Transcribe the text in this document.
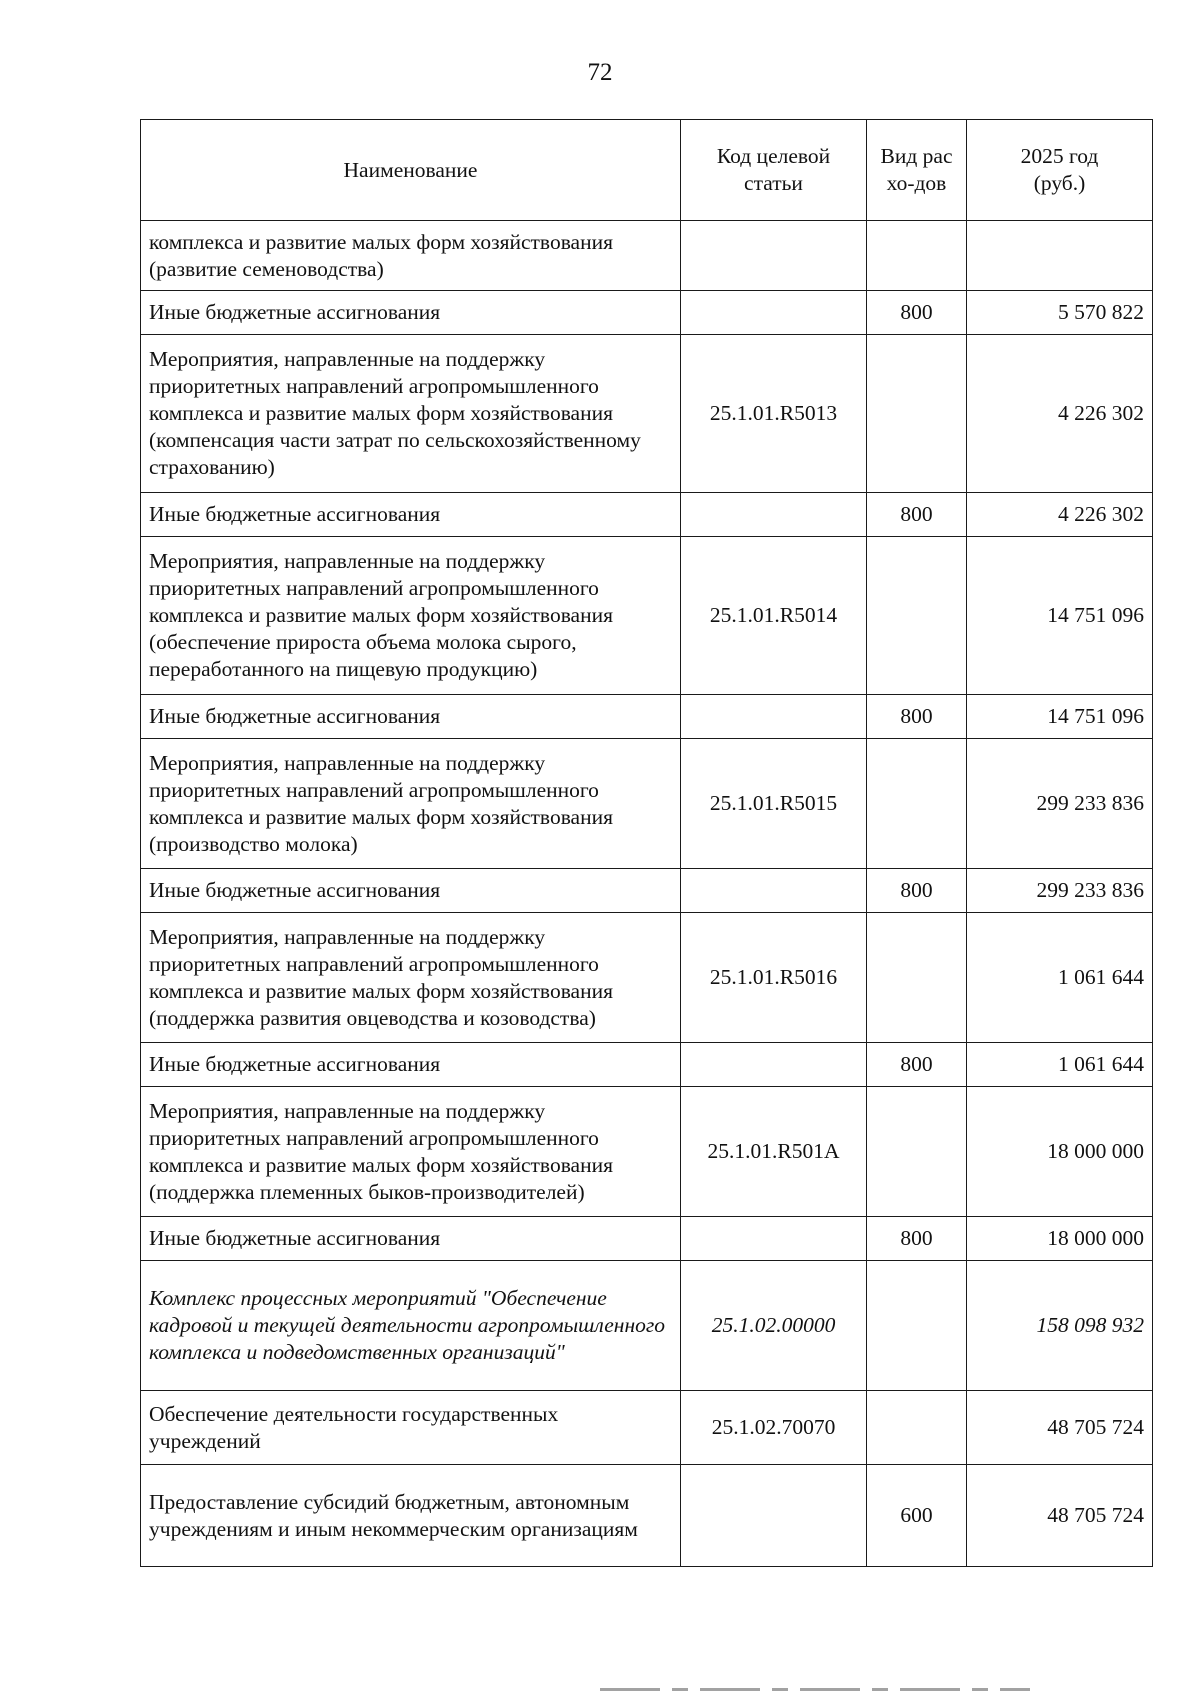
72
Наименование	Код целевой статьи	Вид расхо-дов	2025 год (руб.)
комплекса и развитие малых форм хозяйствования (развитие семеноводства)			
Иные бюджетные ассигнования		800	5 570 822
Мероприятия, направленные на поддержку приоритетных направлений агропромышленного комплекса и развитие малых форм хозяйствования (компенсация части затрат по сельскохозяйственному страхованию)	25.1.01.R5013		4 226 302
Иные бюджетные ассигнования		800	4 226 302
Мероприятия, направленные на поддержку приоритетных направлений агропромышленного комплекса и развитие малых форм хозяйствования (обеспечение прироста объема молока сырого, переработанного на пищевую продукцию)	25.1.01.R5014		14 751 096
Иные бюджетные ассигнования		800	14 751 096
Мероприятия, направленные на поддержку приоритетных направлений агропромышленного комплекса и развитие малых форм хозяйствования (производство молока)	25.1.01.R5015		299 233 836
Иные бюджетные ассигнования		800	299 233 836
Мероприятия, направленные на поддержку приоритетных направлений агропромышленного комплекса и развитие малых форм хозяйствования (поддержка развития овцеводства и козоводства)	25.1.01.R5016		1 061 644
Иные бюджетные ассигнования		800	1 061 644
Мероприятия, направленные на поддержку приоритетных направлений агропромышленного комплекса и развитие малых форм хозяйствования (поддержка племенных быков-производителей)	25.1.01.R501A		18 000 000
Иные бюджетные ассигнования		800	18 000 000
Комплекс процессных мероприятий "Обеспечение кадровой и текущей деятельности агропромышленного комплекса и подведомственных организаций"	25.1.02.00000		158 098 932
Обеспечение деятельности государственных учреждений	25.1.02.70070		48 705 724
Предоставление субсидий бюджетным, автономным учреждениям и иным некоммерческим организациям		600	48 705 724
